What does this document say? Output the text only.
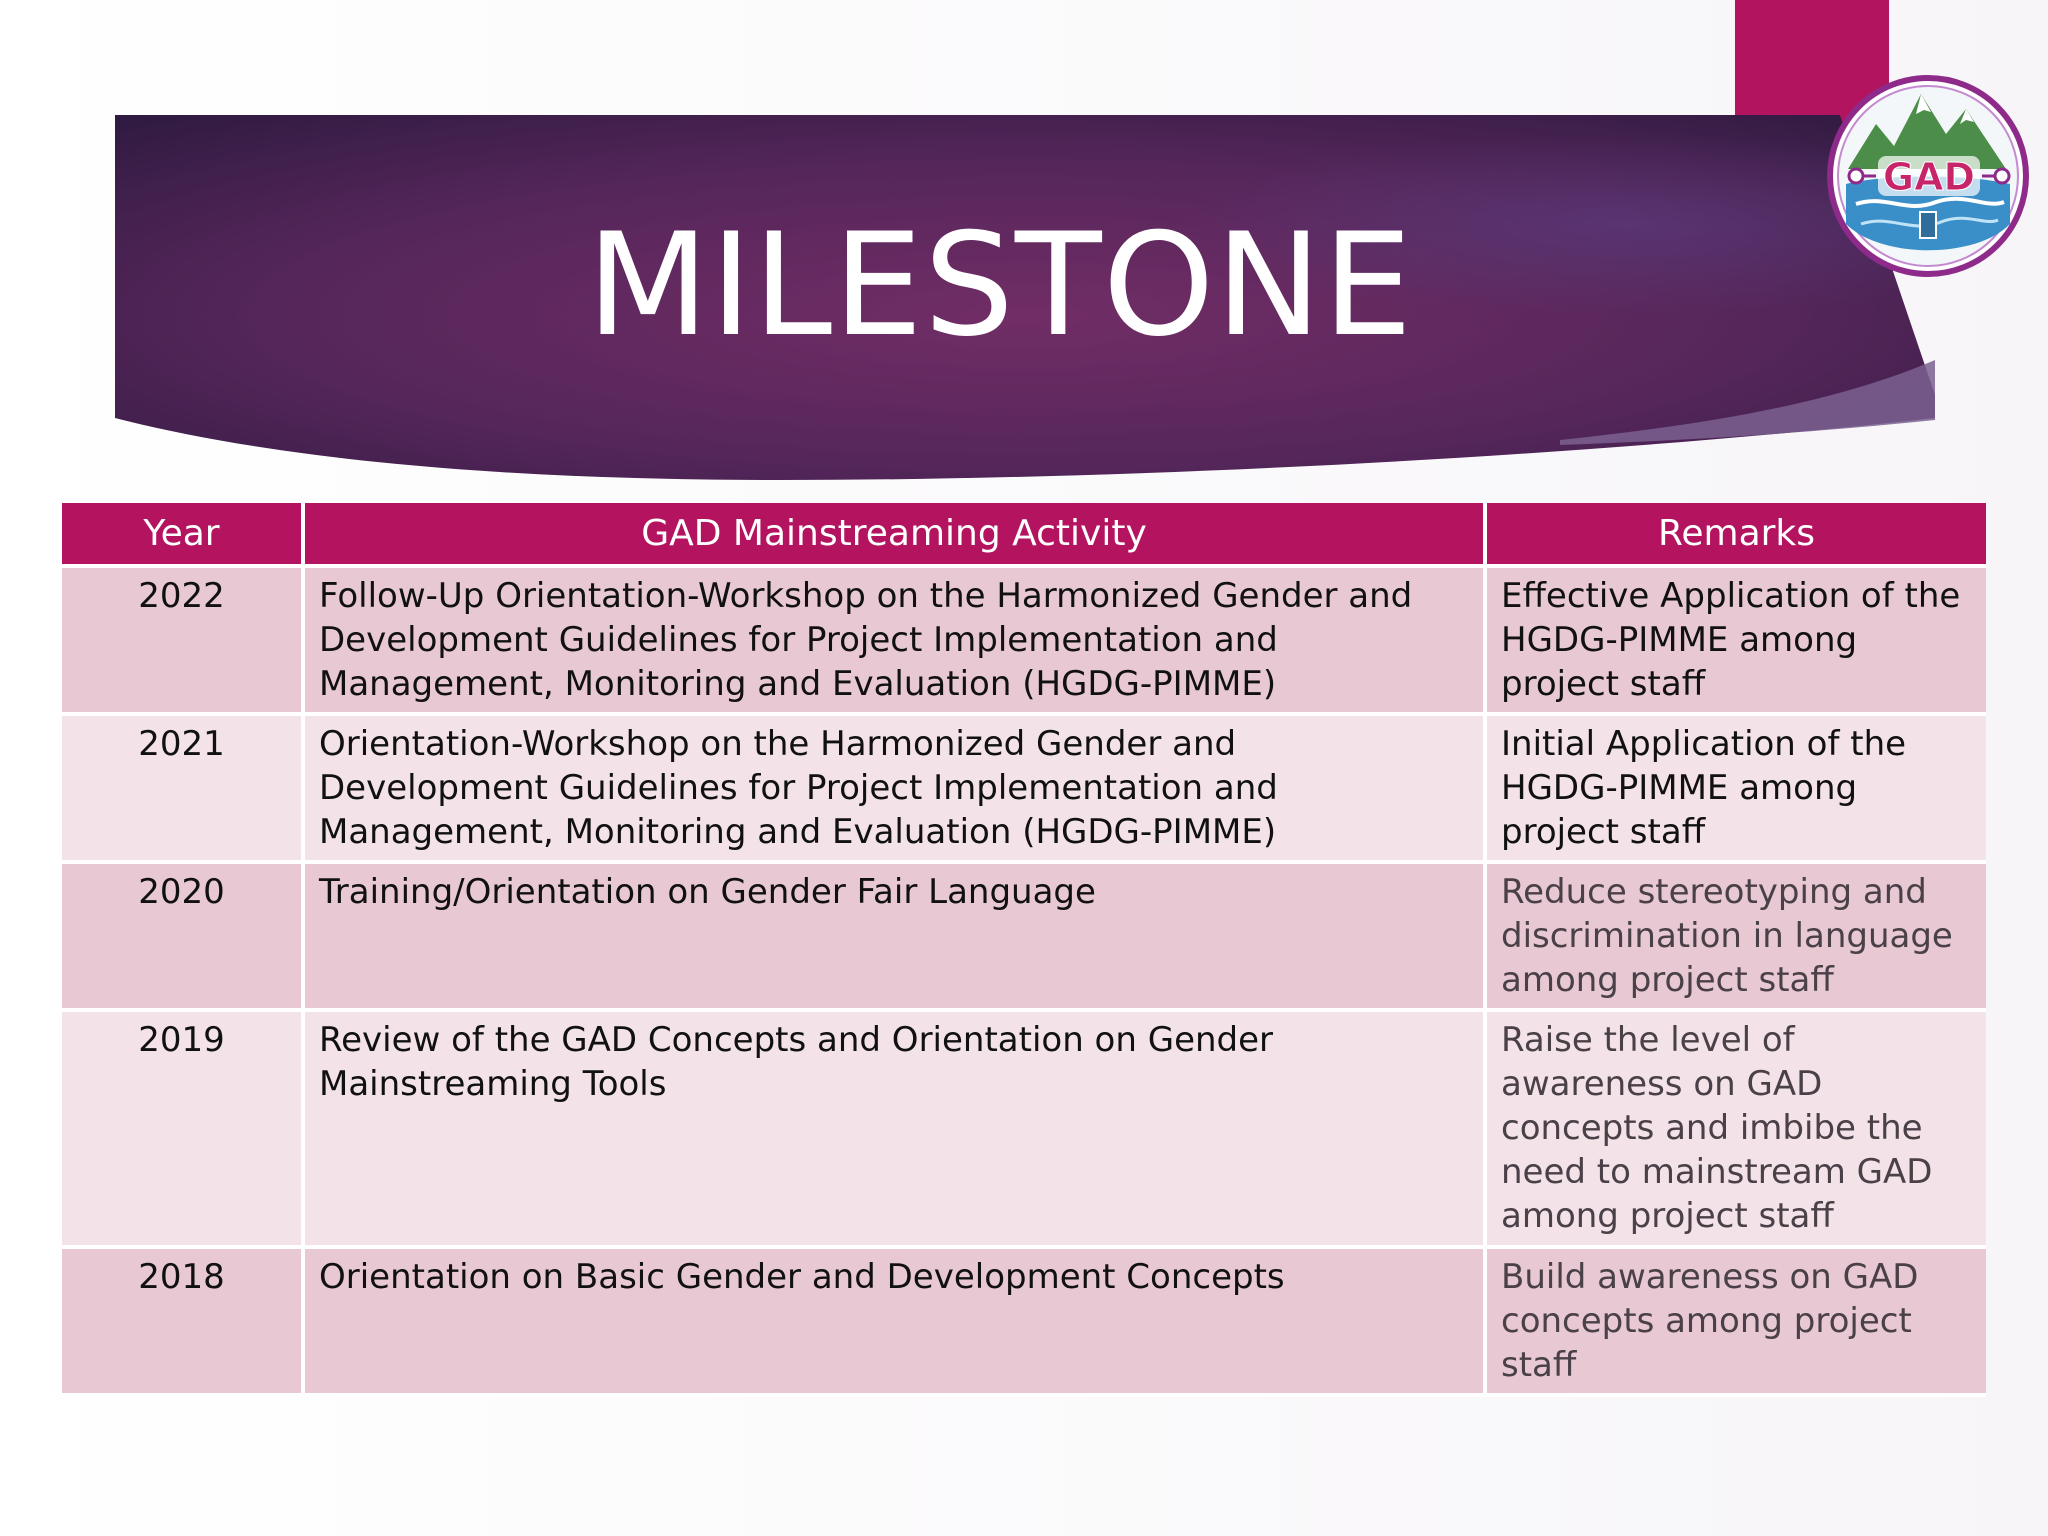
MILESTONE
GAD
Year	GAD Mainstreaming Activity	Remarks
2022	Follow-Up Orientation-Workshop on the Harmonized Gender and Development Guidelines for Project Implementation and Management, Monitoring and Evaluation (HGDG-PIMME)	Effective Application of the HGDG-PIMME among project staff
2021	Orientation-Workshop on the Harmonized Gender and Development Guidelines for Project Implementation and Management, Monitoring and Evaluation (HGDG-PIMME)	Initial Application of the HGDG-PIMME among project staff
2020	Training/Orientation on Gender Fair Language	Reduce stereotyping and discrimination in language among project staff
2019	Review of the GAD Concepts and Orientation on Gender Mainstreaming Tools	Raise the level of awareness on GAD concepts and imbibe the need to mainstream GAD among project staff
2018	Orientation on Basic Gender and Development Concepts	Build awareness on GAD concepts among project staff
